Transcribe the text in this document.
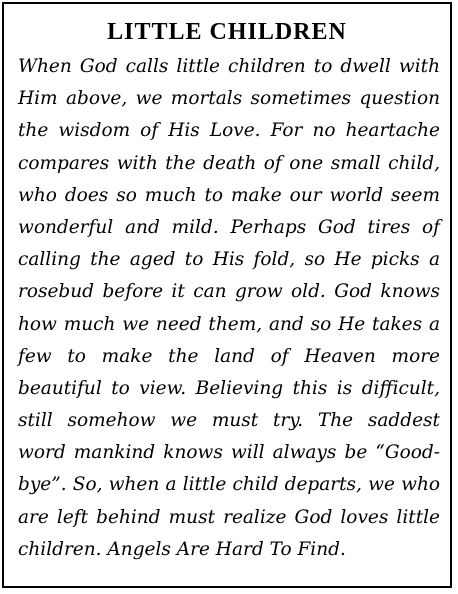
LITTLE CHILDREN
When God calls little children to dwell with
Him above, we mortals sometimes question
the wisdom of His Love. For no heartache
compares with the death of one small child,
who does so much to make our world seem
wonderful and mild. Perhaps God tires of
calling the aged to His fold, so He picks a
rosebud before it can grow old. God knows
how much we need them, and so He takes a
few to make the land of Heaven more
beautiful to view. Believing this is difficult,
still somehow we must try. The saddest
word mankind knows will always be “Good-
bye”. So, when a little child departs, we who
are left behind must realize God loves little
children. Angels Are Hard To Find.
